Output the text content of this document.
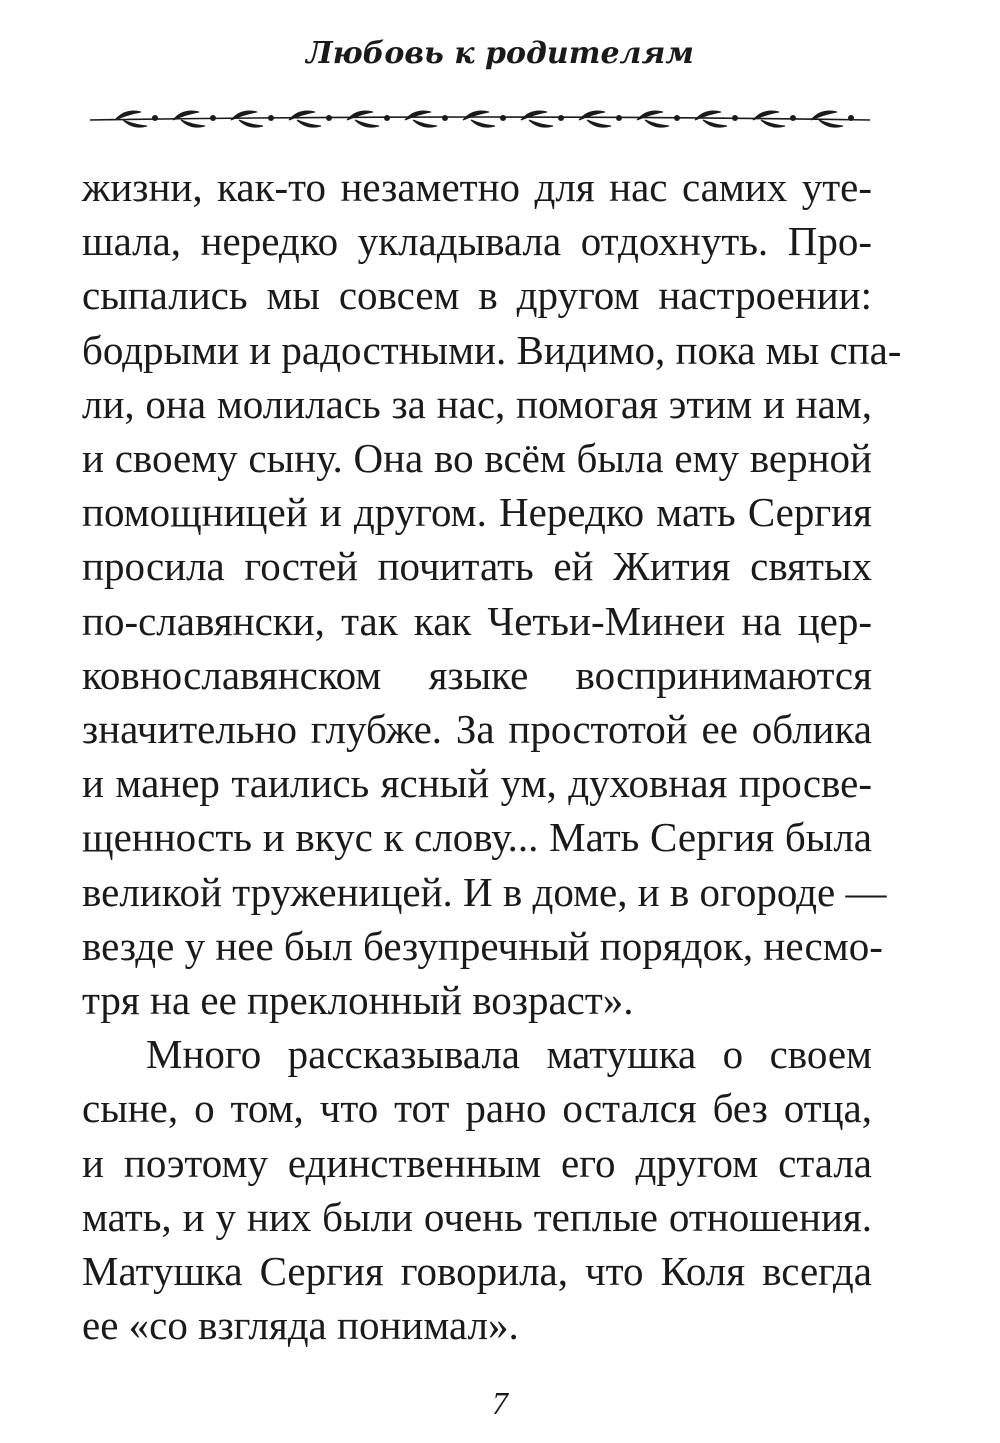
Любовь к родителям
жизни, как-то незаметно для нас самих уте-
шала, нередко укладывала отдохнуть. Про-
сыпались мы совсем в другом настроении:
бодрыми и радостными. Видимо, пока мы спа-
ли, она молилась за нас, помогая этим и нам,
и своему сыну. Она во всём была ему верной
помощницей и другом. Нередко мать Сергия
просила гостей почитать ей Жития святых
по-славянски, так как Четьи-Минеи на цер-
ковнославянском языке воспринимаются
значительно глубже. За простотой ее облика
и манер таились ясный ум, духовная просве-
щенность и вкус к слову... Мать Сергия была
великой труженицей. И в доме, и в огороде —
везде у нее был безупречный порядок, несмо-
тря на ее преклонный возраст».
Много рассказывала матушка о своем
сыне, о том, что тот рано остался без отца,
и поэтому единственным его другом стала
мать, и у них были очень теплые отношения.
Матушка Сергия говорила, что Коля всегда
ее «со взгляда понимал».
7
